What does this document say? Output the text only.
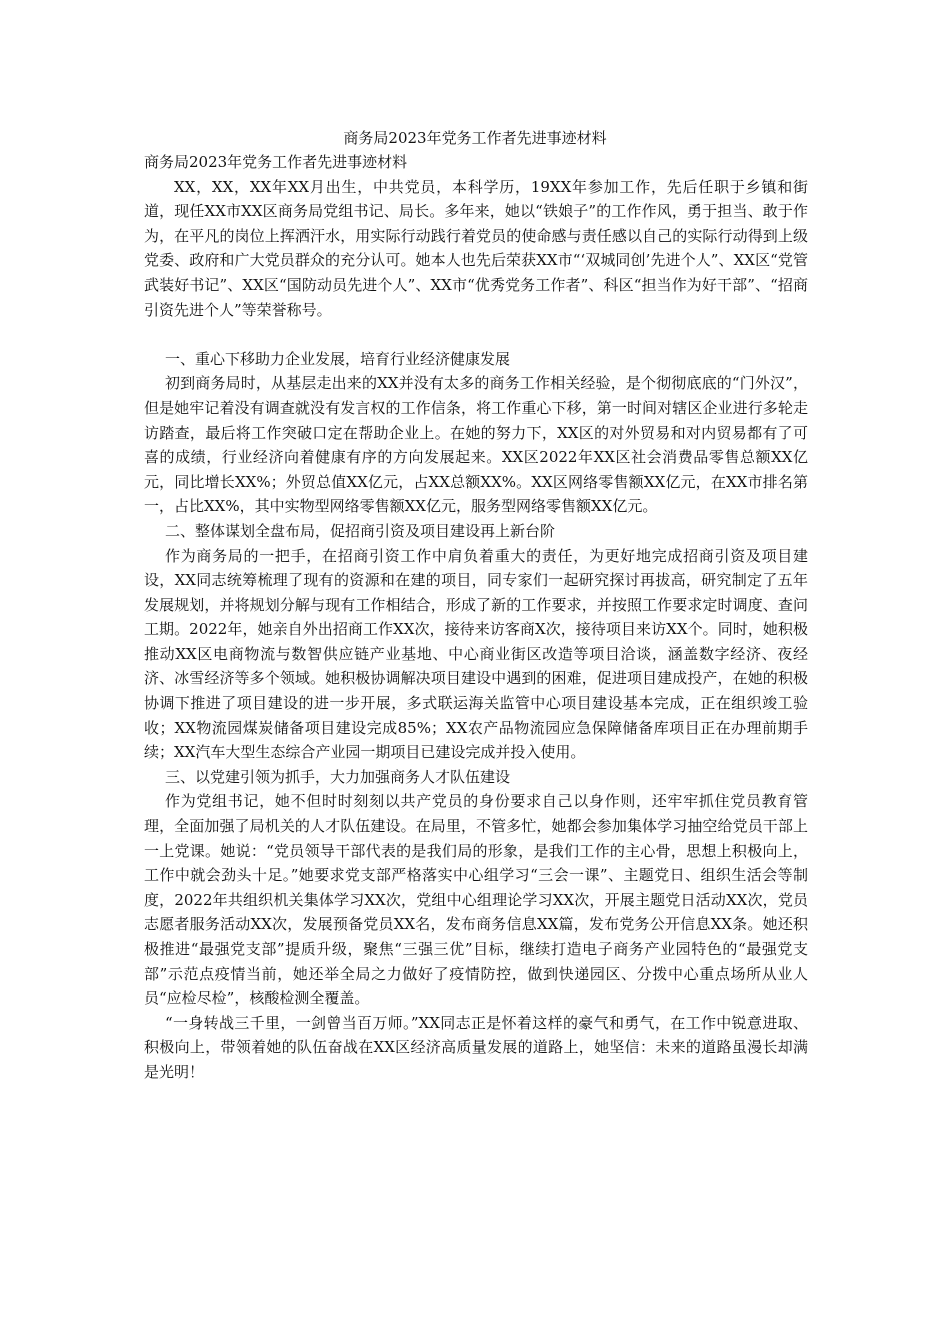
商务局2023年党务工作者先进事迹材料

商务局2023年党务工作者先进事迹材料

XX，XX，XX年XX月出生，中共党员，本科学历，19XX年参加工作，先后任职于乡镇和街道，现任XX市XX区商务局党组书记、局长。多年来，她以“铁娘子”的工作作风，勇于担当、敢于作为，在平凡的岗位上挥洒汗水，用实际行动践行着党员的使命感与责任感以自己的实际行动得到上级党委、政府和广大党员群众的充分认可。她本人也先后荣获XX市“‘双城同创’先进个人”、XX区“党管武装好书记”、XX区“国防动员先进个人”、XX市“优秀党务工作者”、科区“担当作为好干部”、“招商引资先进个人”等荣誉称号。

一、重心下移助力企业发展，培育行业经济健康发展

初到商务局时，从基层走出来的XX并没有太多的商务工作相关经验，是个彻彻底底的“门外汉”，但是她牢记着没有调查就没有发言权的工作信条，将工作重心下移，第一时间对辖区企业进行多轮走访踏查，最后将工作突破口定在帮助企业上。在她的努力下，XX区的对外贸易和对内贸易都有了可喜的成绩，行业经济向着健康有序的方向发展起来。XX区2022年XX区社会消费品零售总额XX亿元，同比增长XX%；外贸总值XX亿元，占XX总额XX%。XX区网络零售额XX亿元，在XX市排名第一，占比XX%，其中实物型网络零售额XX亿元，服务型网络零售额XX亿元。

二、整体谋划全盘布局，促招商引资及项目建设再上新台阶

作为商务局的一把手，在招商引资工作中肩负着重大的责任，为更好地完成招商引资及项目建设，XX同志统筹梳理了现有的资源和在建的项目，同专家们一起研究探讨再拔高，研究制定了五年发展规划，并将规划分解与现有工作相结合，形成了新的工作要求，并按照工作要求定时调度、查问工期。2022年，她亲自外出招商工作XX次，接待来访客商X次，接待项目来访XX个。同时，她积极推动XX区电商物流与数智供应链产业基地、中心商业街区改造等项目洽谈，涵盖数字经济、夜经济、冰雪经济等多个领域。她积极协调解决项目建设中遇到的困难，促进项目建成投产，在她的积极协调下推进了项目建设的进一步开展，多式联运海关监管中心项目建设基本完成，正在组织竣工验收；XX物流园煤炭储备项目建设完成85%；XX农产品物流园应急保障储备库项目正在办理前期手续；XX汽车大型生态综合产业园一期项目已建设完成并投入使用。

三、以党建引领为抓手，大力加强商务人才队伍建设

作为党组书记，她不但时时刻刻以共产党员的身份要求自己以身作则，还牢牢抓住党员教育管理，全面加强了局机关的人才队伍建设。在局里，不管多忙，她都会参加集体学习抽空给党员干部上一上党课。她说：“党员领导干部代表的是我们局的形象，是我们工作的主心骨，思想上积极向上，工作中就会劲头十足。”她要求党支部严格落实中心组学习“三会一课”、主题党日、组织生活会等制度，2022年共组织机关集体学习XX次，党组中心组理论学习XX次，开展主题党日活动XX次，党员志愿者服务活动XX次，发展预备党员XX名，发布商务信息XX篇，发布党务公开信息XX条。她还积极推进“最强党支部”提质升级，聚焦“三强三优”目标，继续打造电子商务产业园特色的“最强党支部”示范点疫情当前，她还举全局之力做好了疫情防控，做到快递园区、分拨中心重点场所从业人员“应检尽检”，核酸检测全覆盖。

“一身转战三千里，一剑曾当百万师。”XX同志正是怀着这样的豪气和勇气，在工作中锐意进取、积极向上，带领着她的队伍奋战在XX区经济高质量发展的道路上，她坚信：未来的道路虽漫长却满是光明！
